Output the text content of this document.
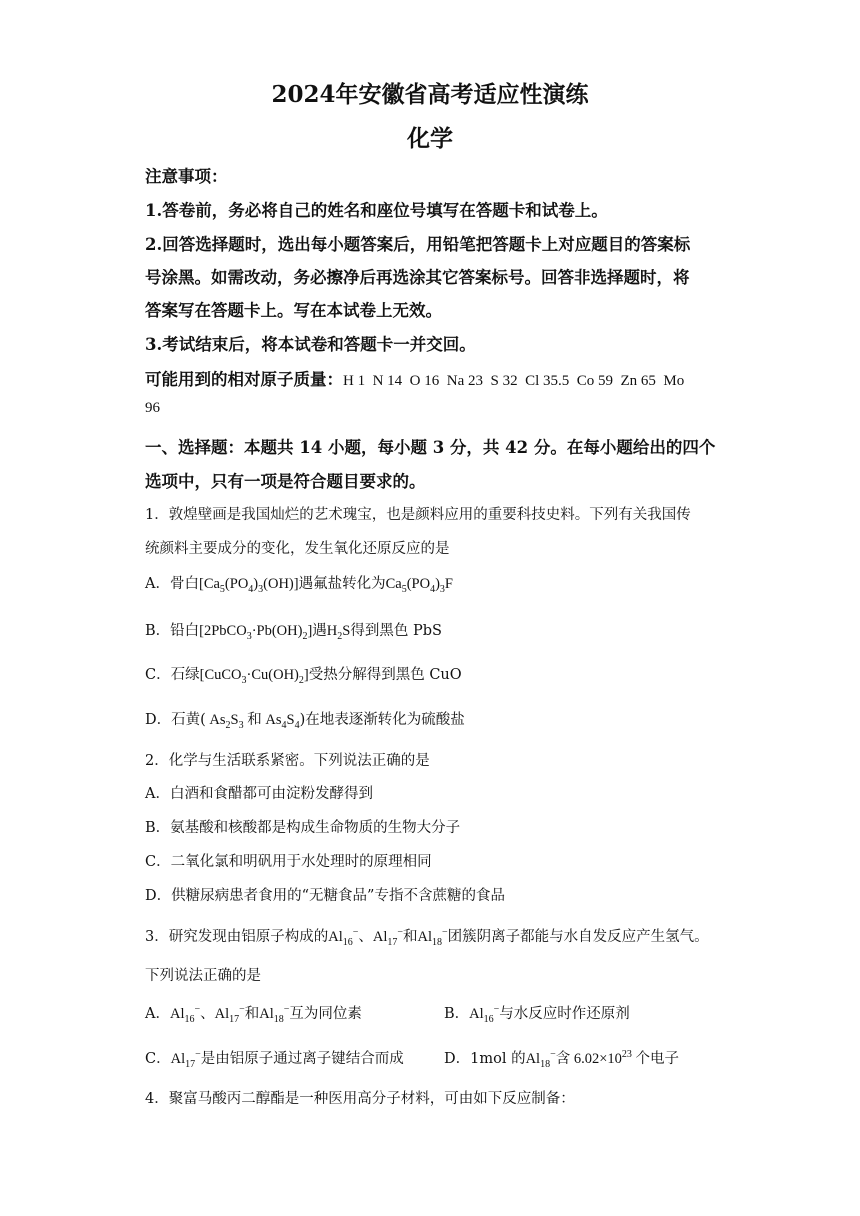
2024年安徽省高考适应性演练
化学
注意事项：
1.答卷前，务必将自己的姓名和座位号填写在答题卡和试卷上。
2.回答选择题时，选出每小题答案后，用铅笔把答题卡上对应题目的答案标
号涂黑。如需改动，务必擦净后再选涂其它答案标号。回答非选择题时，将
答案写在答题卡上。写在本试卷上无效。
3.考试结束后，将本试卷和答题卡一并交回。
可能用到的相对原子质量：H 1  N 14  O 16  Na 23  S 32  Cl 35.5  Co 59  Zn 65  Mo
96
一、选择题：本题共 14 小题，每小题 3 分，共 42 分。在每小题给出的四个
选项中，只有一项是符合题目要求的。
1．敦煌壁画是我国灿烂的艺术瑰宝，也是颜料应用的重要科技史料。下列有关我国传
统颜料主要成分的变化，发生氧化还原反应的是
A．骨白$[Ca_5(PO_4)_3(OH)]$遇氟盐转化为$Ca_5(PO_4)_3F$
B．铅白$[2PbCO_3\cdot Pb(OH)_2]$遇$H_2S$得到黑色 PbS
C．石绿$[CuCO_3\cdot Cu(OH)_2]$受热分解得到黑色 CuO
D．石黄( $As_2S_3$ 和 $As_4S_4$)在地表逐渐转化为硫酸盐
2．化学与生活联系紧密。下列说法正确的是
A．白酒和食醋都可由淀粉发酵得到
B．氨基酸和核酸都是构成生命物质的生物大分子
C．二氧化氯和明矾用于水处理时的原理相同
D．供糖尿病患者食用的“无糖食品”专指不含蔗糖的食品
3．研究发现由铝原子构成的$Al_{16}^-$、$Al_{17}^-$和$Al_{18}^-$团簇阴离子都能与水自发反应产生氢气。
下列说法正确的是
A．$Al_{16}^-$、$Al_{17}^-$和$Al_{18}^-$互为同位素	B．$Al_{16}^-$与水反应时作还原剂
C．$Al_{17}^-$是由铝原子通过离子键结合而成	D．1mol 的$Al_{18}^-$含 $6.02\times 10^{23}$ 个电子
4．聚富马酸丙二醇酯是一种医用高分子材料，可由如下反应制备：
